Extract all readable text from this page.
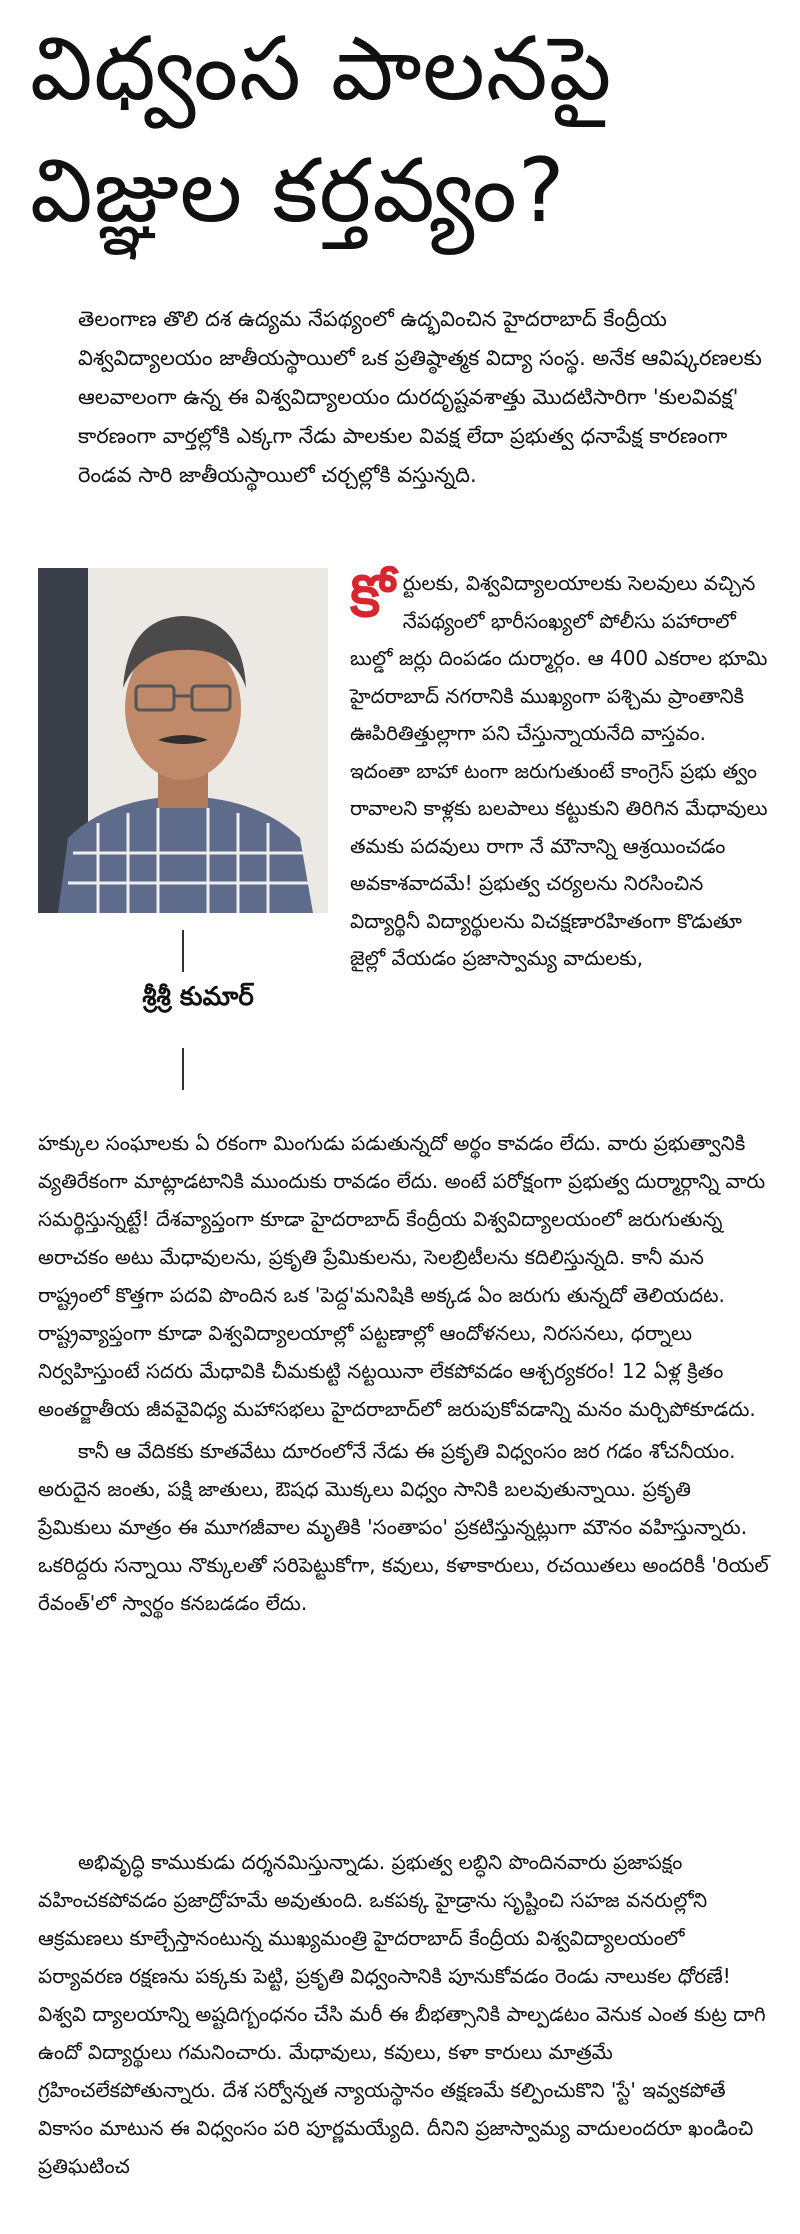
విధ్వంస పాలనపై విజ్ఞుల కర్తవ్యం?

తెలంగాణ తొలి దశ ఉద్యమ నేపథ్యంలో ఉద్భవించిన హైదరాబాద్ కేంద్రీయ విశ్వవిద్యాలయం జాతీయస్థాయిలో ఒక ప్రతిష్ఠాత్మక విద్యా సంస్థ. అనేక ఆవిష్కరణలకు ఆలవాలంగా ఉన్న ఈ విశ్వవిద్యాలయం దురదృష్టవశాత్తు మొదటిసారిగా 'కులవివక్ష' కారణంగా వార్తల్లోకి ఎక్కగా నేడు పాలకుల వివక్ష లేదా ప్రభుత్వ ధనాపేక్ష కారణంగా రెండవ సారి జాతీయస్థాయిలో చర్చల్లోకి వస్తున్నది.

శ్రీశ్రీ కుమార్

కోర్టులకు, విశ్వవిద్యాలయాలకు సెలవులు వచ్చిన నేపథ్యంలో భారీసంఖ్యలో పోలీసు పహారాలో బుల్డో జర్లు దింపడం దుర్మార్గం. ఆ 400 ఎకరాల భూమి హైదరాబాద్ నగరానికి ముఖ్యంగా పశ్చిమ ప్రాంతానికి ఊపిరితిత్తుల్లాగా పని చేస్తున్నాయనేది వాస్తవం. ఇదంతా బాహా టంగా జరుగుతుంటే కాంగ్రెస్ ప్రభు త్వం రావాలని కాళ్లకు బలపాలు కట్టుకుని తిరిగిన మేధావులు తమకు పదవులు రాగా నే మౌనాన్ని ఆశ్రయించడం అవకాశవాదమే! ప్రభుత్వ చర్యలను నిరసించిన విద్యార్థినీ విద్యార్థులను విచక్షణారహితంగా కొడుతూ జైల్లో వేయడం ప్రజాస్వామ్య వాదులకు,

హక్కుల సంఘాలకు ఏ రకంగా మింగుడు పడుతున్నదో అర్థం కావడం లేదు. వారు ప్రభుత్వానికి వ్యతిరేకంగా మాట్లాడటానికి ముందుకు రావడం లేదు. అంటే పరోక్షంగా ప్రభుత్వ దుర్మార్గాన్ని వారు సమర్థిస్తున్నట్టే! దేశవ్యాప్తంగా కూడా హైదరాబాద్ కేంద్రీయ విశ్వవిద్యాలయంలో జరుగుతున్న అరాచకం అటు మేధావులను, ప్రకృతి ప్రేమికులను, సెలబ్రిటీలను కదిలిస్తున్నది. కానీ మన రాష్ట్రంలో కొత్తగా పదవి పొందిన ఒక 'పెద్ద'మనిషికి అక్కడ ఏం జరుగు తున్నదో తెలియదట. రాష్ట్రవ్యాప్తంగా కూడా విశ్వవిద్యాలయాల్లో పట్టణాల్లో ఆందోళనలు, నిరసనలు, ధర్నాలు నిర్వహిస్తుంటే సదరు మేధావికి చీమకుట్టి నట్టయినా లేకపోవడం ఆశ్చర్యకరం! 12 ఏళ్ల క్రితం అంతర్జాతీయ జీవవైవిధ్య మహాసభలు హైదరాబాద్‌లో జరుపుకోవడాన్ని మనం మర్చిపోకూడదు.

కానీ ఆ వేదికకు కూతవేటు దూరంలోనే నేడు ఈ ప్రకృతి విధ్వంసం జర గడం శోచనీయం. అరుదైన జంతు, పక్షి జాతులు, ఔషధ మొక్కలు విధ్వం సానికి బలవుతున్నాయి. ప్రకృతి ప్రేమికులు మాత్రం ఈ మూగజీవాల మృతికి 'సంతాపం' ప్రకటిస్తున్నట్లుగా మౌనం వహిస్తున్నారు. ఒకరిద్దరు సన్నాయి నొక్కులతో సరిపెట్టుకోగా, కవులు, కళాకారులు, రచయితలు అందరికీ 'రియల్ రేవంత్'లో స్వార్థం కనబడడం లేదు.

అభివృద్ధి కాముకుడు దర్శనమిస్తున్నాడు. ప్రభుత్వ లబ్ధిని పొందినవారు ప్రజాపక్షం వహించకపోవడం ప్రజాద్రోహమే అవుతుంది. ఒకపక్క హైడ్రాను సృష్టించి సహజ వనరుల్లోని ఆక్రమణలు కూల్చేస్తానంటున్న ముఖ్యమంత్రి హైదరాబాద్ కేంద్రీయ విశ్వవిద్యాలయంలో పర్యావరణ రక్షణను పక్కకు పెట్టి, ప్రకృతి విధ్వంసానికి పూనుకోవడం రెండు నాలుకల ధోరణే! విశ్వవి ద్యాలయాన్ని అష్టదిగ్బంధనం చేసి మరీ ఈ బీభత్సానికి పాల్పడటం వెనుక ఎంత కుట్ర దాగి ఉందో విద్యార్థులు గమనించారు. మేధావులు, కవులు, కళా కారులు మాత్రమే గ్రహించలేకపోతున్నారు. దేశ సర్వోన్నత న్యాయస్థానం తక్షణమే కల్పించుకొని 'స్టే' ఇవ్వకపోతే వికాసం మాటున ఈ విధ్వంసం పరి పూర్ణమయ్యేది. దీనిని ప్రజాస్వామ్య వాదులందరూ ఖండించి ప్రతిఘటించ
